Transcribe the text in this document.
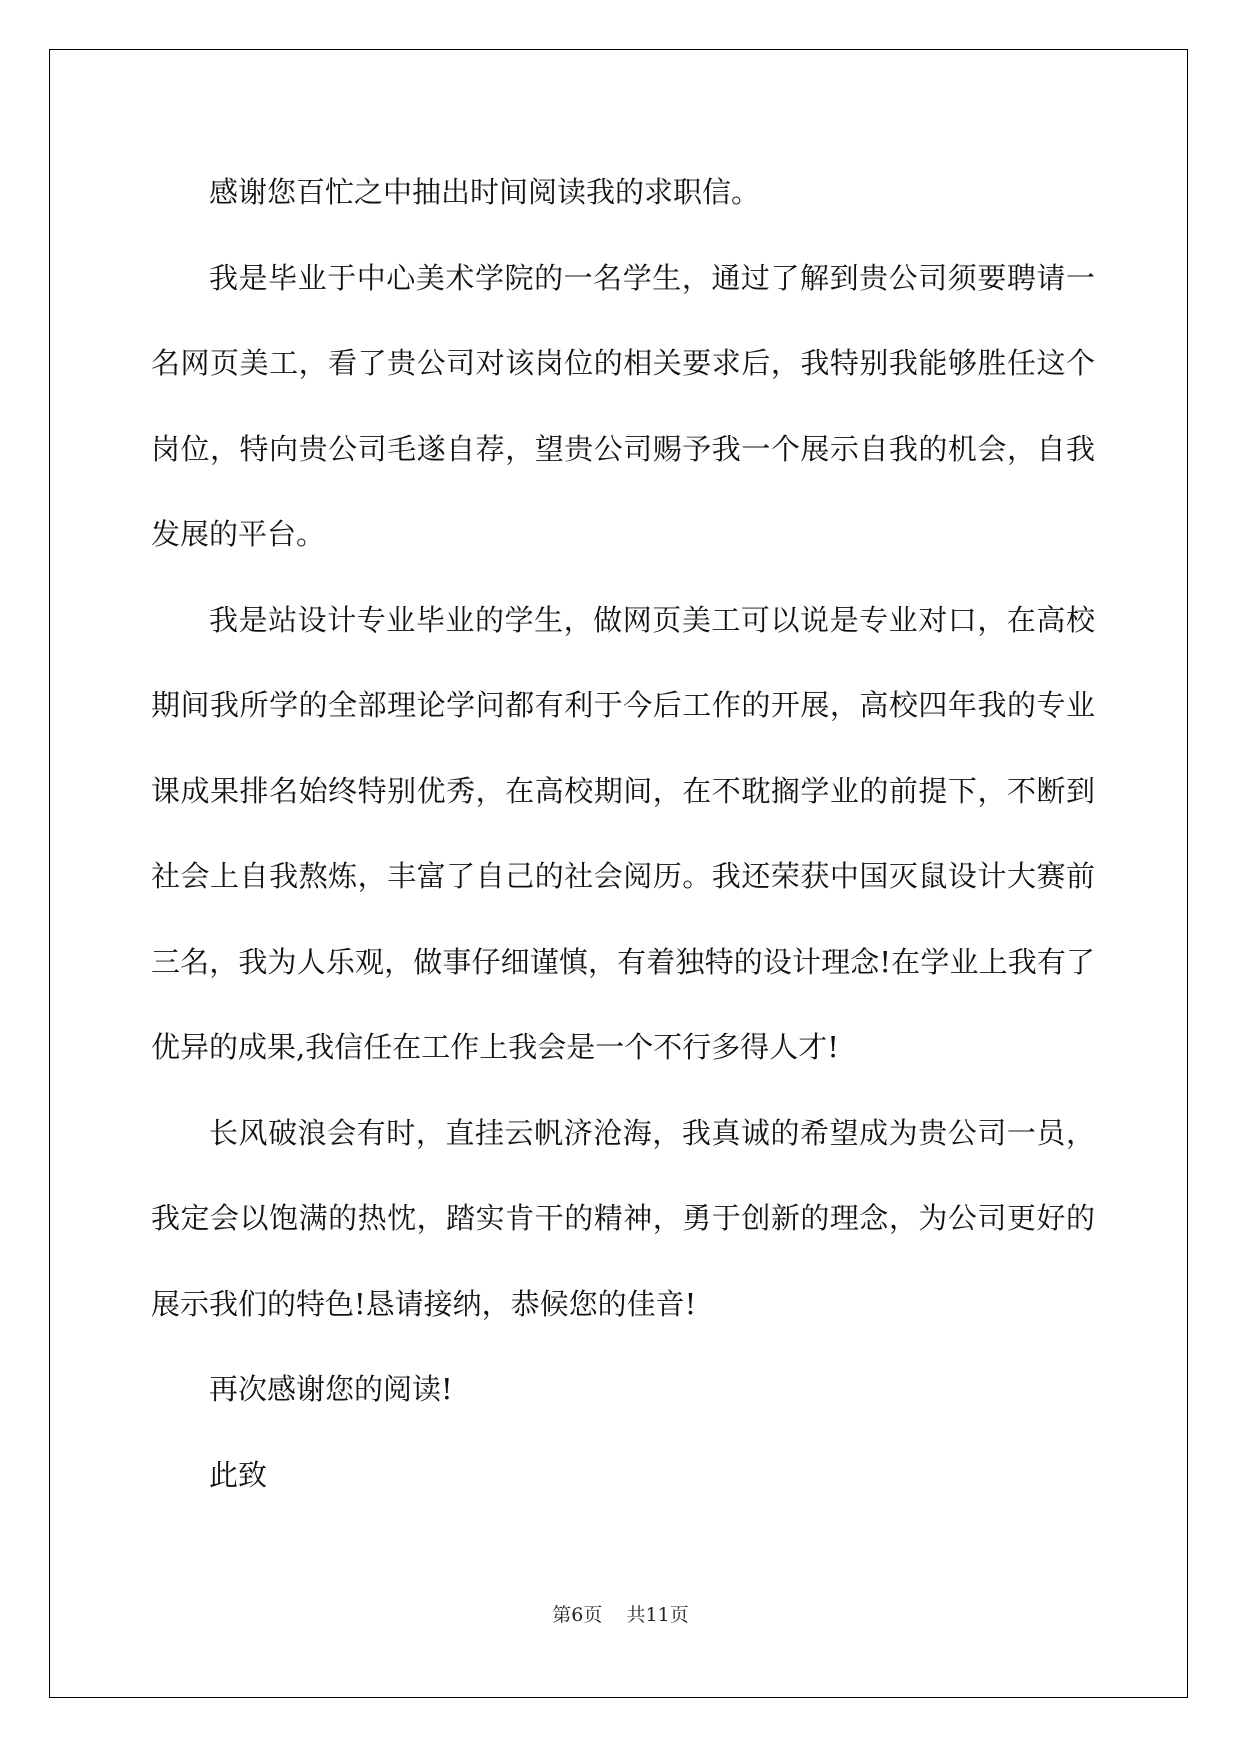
感谢您百忙之中抽出时间阅读我的求职信。

我是毕业于中心美术学院的一名学生，通过了解到贵公司须要聘请一名网页美工，看了贵公司对该岗位的相关要求后，我特别我能够胜任这个岗位，特向贵公司毛遂自荐，望贵公司赐予我一个展示自我的机会，自我发展的平台。

我是站设计专业毕业的学生，做网页美工可以说是专业对口，在高校期间我所学的全部理论学问都有利于今后工作的开展，高校四年我的专业课成果排名始终特别优秀，在高校期间，在不耽搁学业的前提下，不断到社会上自我熬炼，丰富了自己的社会阅历。我还荣获中国灭鼠设计大赛前三名，我为人乐观，做事仔细谨慎，有着独特的设计理念!在学业上我有了优异的成果,我信任在工作上我会是一个不行多得人才!

长风破浪会有时，直挂云帆济沧海，我真诚的希望成为贵公司一员，我定会以饱满的热忱，踏实肯干的精神，勇于创新的理念，为公司更好的展示我们的特色!恳请接纳，恭候您的佳音!

再次感谢您的阅读!

此致

第6页    共11页
